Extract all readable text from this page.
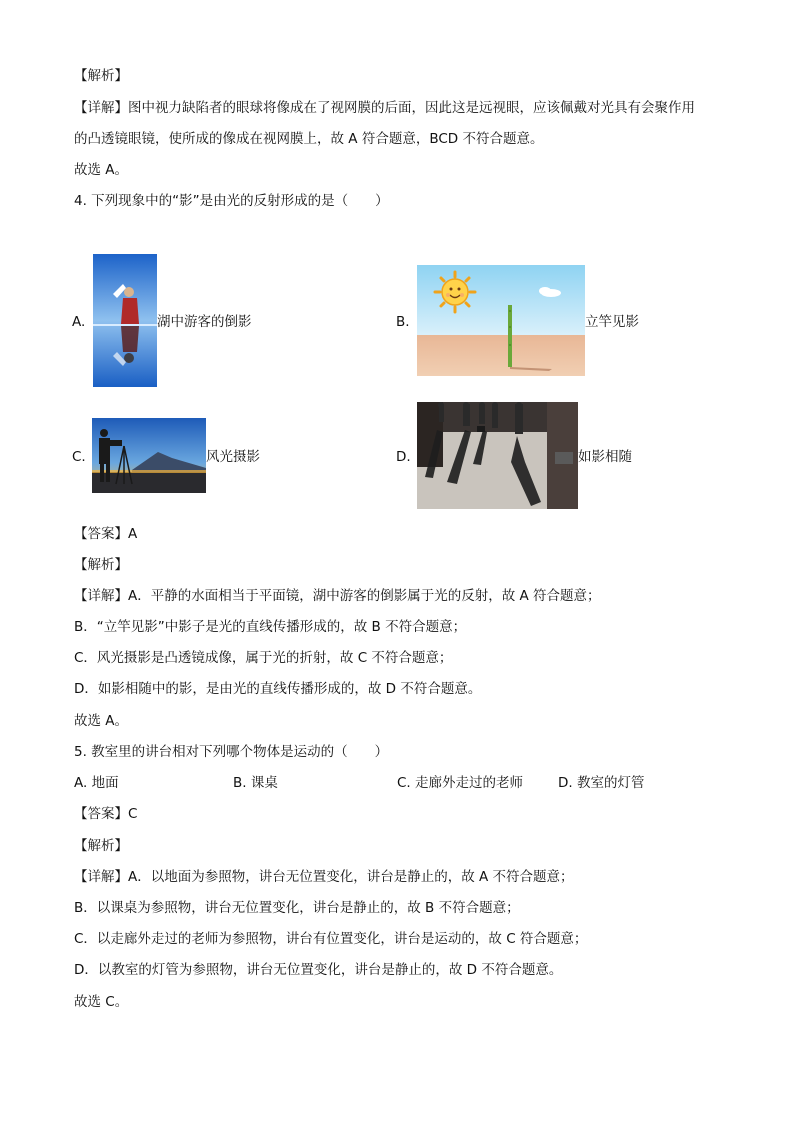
【解析】
【详解】图中视力缺陷者的眼球将像成在了视网膜的后面，因此这是远视眼，应该佩戴对光具有会聚作用
的凸透镜眼镜，使所成的像成在视网膜上，故 A 符合题意，BCD 不符合题意。
故选 A。
4. 下列现象中的“影”是由光的反射形成的是（　　）
A.	湖中游客的倒影	B.	立竿见影
C.	风光摄影	D.	如影相随
【答案】A
【解析】
【详解】A．平静的水面相当于平面镜，湖中游客的倒影属于光的反射，故 A 符合题意；
B．“立竿见影”中影子是光的直线传播形成的，故 B 不符合题意；
C．风光摄影是凸透镜成像，属于光的折射，故 C 不符合题意；
D．如影相随中的影，是由光的直线传播形成的，故 D 不符合题意。
故选 A。
5. 教室里的讲台相对下列哪个物体是运动的（　　）
A. 地面	B. 课桌	C. 走廊外走过的老师	D. 教室的灯管
【答案】C
【解析】
【详解】A．以地面为参照物，讲台无位置变化，讲台是静止的，故 A 不符合题意；
B．以课桌为参照物，讲台无位置变化，讲台是静止的，故 B 不符合题意；
C．以走廊外走过的老师为参照物，讲台有位置变化，讲台是运动的，故 C 符合题意；
D．以教室的灯管为参照物，讲台无位置变化，讲台是静止的，故 D 不符合题意。
故选 C。
